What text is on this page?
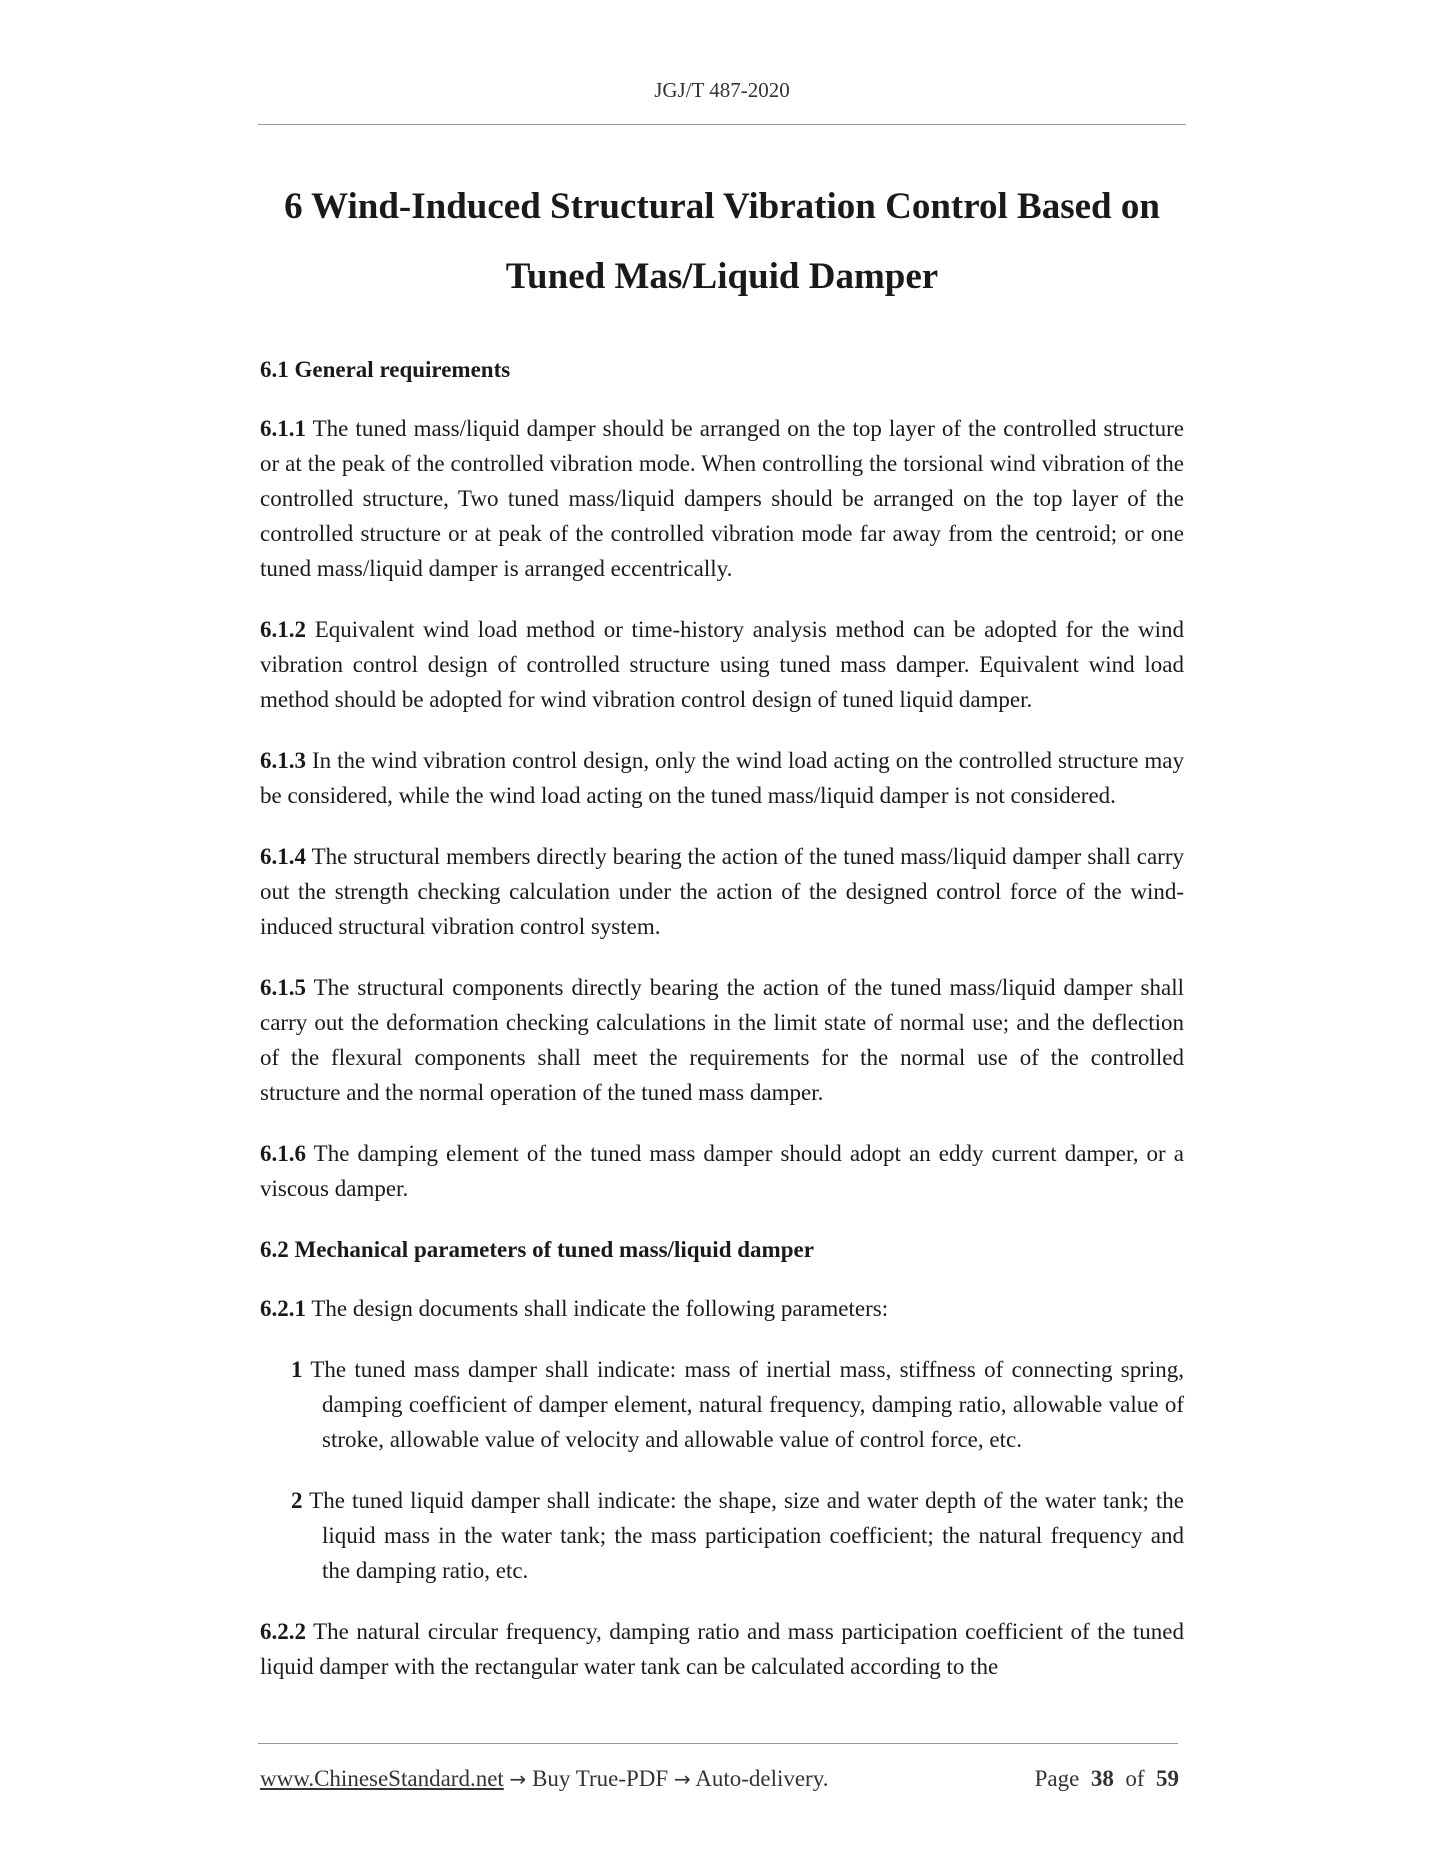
JGJ/T 487-2020
6 Wind-Induced Structural Vibration Control Based on
Tuned Mas/Liquid Damper
6.1 General requirements

6.1.1 The tuned mass/liquid damper should be arranged on the top layer of the controlled structure or at the peak of the controlled vibration mode. When controlling the torsional wind vibration of the controlled structure, Two tuned mass/liquid dampers should be arranged on the top layer of the controlled structure or at peak of the controlled vibration mode far away from the centroid; or one tuned mass/liquid damper is arranged eccentrically.

6.1.2 Equivalent wind load method or time-history analysis method can be adopted for the wind vibration control design of controlled structure using tuned mass damper. Equivalent wind load method should be adopted for wind vibration control design of tuned liquid damper.

6.1.3 In the wind vibration control design, only the wind load acting on the controlled structure may be considered, while the wind load acting on the tuned mass/liquid damper is not considered.

6.1.4 The structural members directly bearing the action of the tuned mass/liquid damper shall carry out the strength checking calculation under the action of the designed control force of the wind-induced structural vibration control system.

6.1.5 The structural components directly bearing the action of the tuned mass/liquid damper shall carry out the deformation checking calculations in the limit state of normal use; and the deflection of the flexural components shall meet the requirements for the normal use of the controlled structure and the normal operation of the tuned mass damper.

6.1.6 The damping element of the tuned mass damper should adopt an eddy current damper, or a viscous damper.

6.2 Mechanical parameters of tuned mass/liquid damper

6.2.1 The design documents shall indicate the following parameters:

1 The tuned mass damper shall indicate: mass of inertial mass, stiffness of connecting spring, damping coefficient of damper element, natural frequency, damping ratio, allowable value of stroke, allowable value of velocity and allowable value of control force, etc.

2 The tuned liquid damper shall indicate: the shape, size and water depth of the water tank; the liquid mass in the water tank; the mass participation coefficient; the natural frequency and the damping ratio, etc.

6.2.2 The natural circular frequency, damping ratio and mass participation coefficient of the tuned liquid damper with the rectangular water tank can be calculated according to the

www.ChineseStandard.net → Buy True-PDF → Auto-delivery.	Page 38 of 59
